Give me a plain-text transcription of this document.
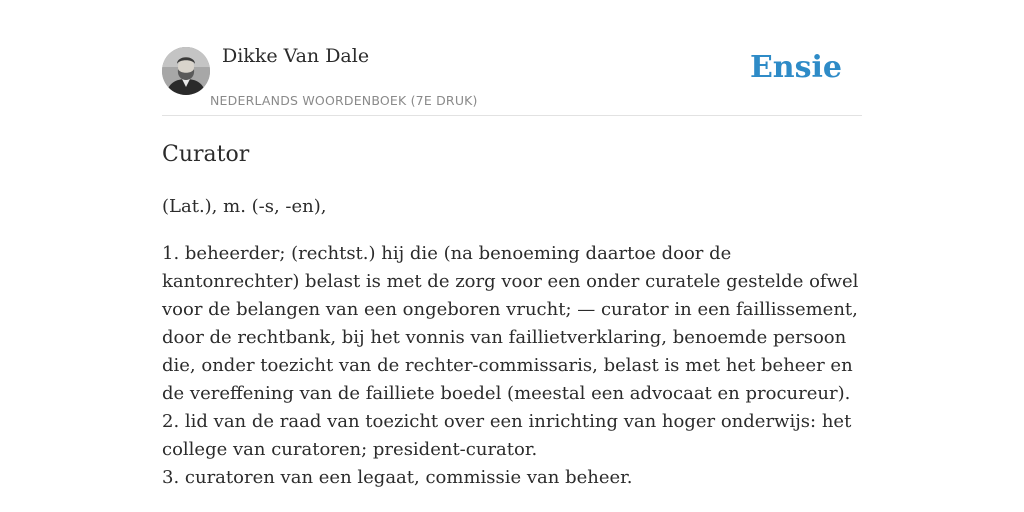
Dikke Van Dale
NEDERLANDS WOORDENBOEK (7E DRUK)
Ensie
Curator
(Lat.), m. (-s, -en),
1. beheerder; (rechtst.) hij die (na benoeming daartoe door de kantonrechter) belast is met de zorg voor een onder curatele gestelde ofwel voor de belangen van een ongeboren vrucht; — curator in een faillissement, door de rechtbank, bij het vonnis van faillietverklaring, benoemde persoon die, onder toezicht van de rechter-commissaris, belast is met het beheer en de vereffening van de failliete boedel (meestal een advocaat en procureur).
2. lid van de raad van toezicht over een inrichting van hoger onderwijs: het college van curatoren; president-curator.
3. curatoren van een legaat, commissie van beheer.
